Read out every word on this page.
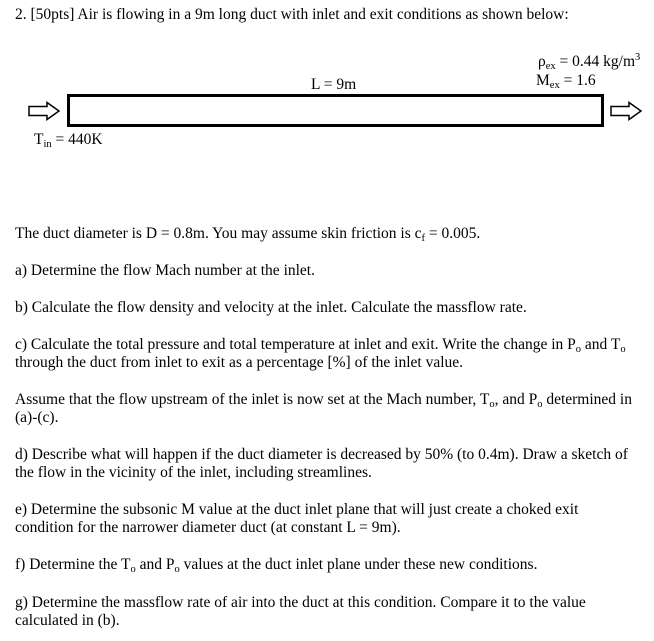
2. [50pts] Air is flowing in a 9m long duct with inlet and exit conditions as shown below:
L = 9m
$\rho_{ex} = 0.44$ $kg/m^3$
$M_{ex} = 1.6$
$T_{in} = 440K$
The duct diameter is D = 0.8m. You may assume skin friction is $c_f = 0.005$.
a) Determine the flow Mach number at the inlet.
b) Calculate the flow density and velocity at the inlet. Calculate the massflow rate.
c) Calculate the total pressure and total temperature at inlet and exit. Write the change in $P_o$ and $T_o$ through the duct from inlet to exit as a percentage [%] of the inlet value.
Assume that the flow upstream of the inlet is now set at the Mach number, $T_o$, and $P_o$ determined in (a)-(c).
d) Describe what will happen if the duct diameter is decreased by 50% (to 0.4m). Draw a sketch of the flow in the vicinity of the inlet, including streamlines.
e) Determine the subsonic M value at the duct inlet plane that will just create a choked exit condition for the narrower diameter duct (at constant L = 9m).
f) Determine the $T_o$ and $P_o$ values at the duct inlet plane under these new conditions.
g) Determine the massflow rate of air into the duct at this condition. Compare it to the value calculated in (b).
